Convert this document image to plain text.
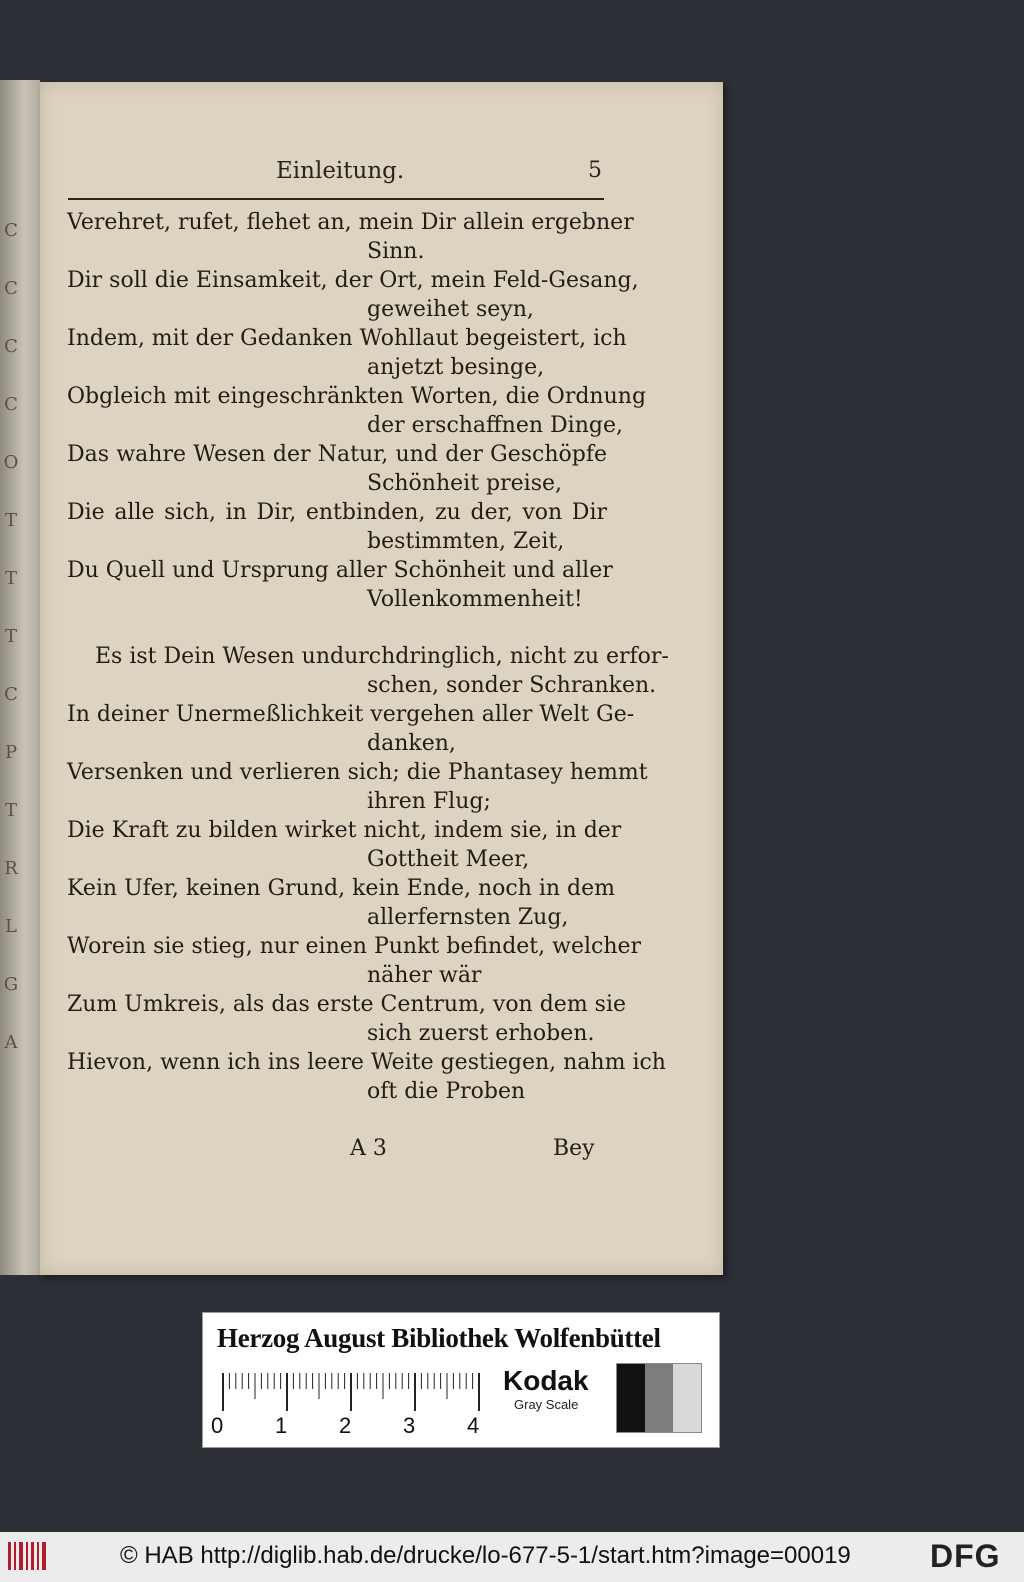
C
C
C
C
O
T
T
T
C
P
T
R
L
G
A
Einleitung.	5
Verehret, rufet, flehet an, mein Dir allein ergebner
Sinn.
Dir soll die Einsamkeit, der Ort, mein Feld-Gesang,
geweihet seyn,
Indem, mit der Gedanken Wohllaut begeistert, ich
anjetzt besinge,
Obgleich mit eingeschränkten Worten, die Ordnung
der erschaffnen Dinge,
Das wahre Wesen der Natur, und der Geschöpfe
Schönheit preise,
Die alle sich, in Dir, entbinden, zu der, von Dir
bestimmten, Zeit,
Du Quell und Ursprung aller Schönheit und aller
Vollenkommenheit!
Es ist Dein Wesen undurchdringlich, nicht zu erfor-
schen, sonder Schranken.
In deiner Unermeßlichkeit vergehen aller Welt Ge-
danken,
Versenken und verlieren sich; die Phantasey hemmt
ihren Flug;
Die Kraft zu bilden wirket nicht, indem sie, in der
Gottheit Meer,
Kein Ufer, keinen Grund, kein Ende, noch in dem
allerfernsten Zug,
Worein sie stieg, nur einen Punkt befindet, welcher
näher wär
Zum Umkreis, als das erste Centrum, von dem sie
sich zuerst erhoben.
Hievon, wenn ich ins leere Weite gestiegen, nahm ich
oft die Proben
A 3	Bey
Herzog August Bibliothek Wolfenbüttel
0 1 2 3 4
Kodak
Gray Scale
© HAB http://diglib.hab.de/drucke/lo-677-5-1/start.htm?image=00019 DFG
